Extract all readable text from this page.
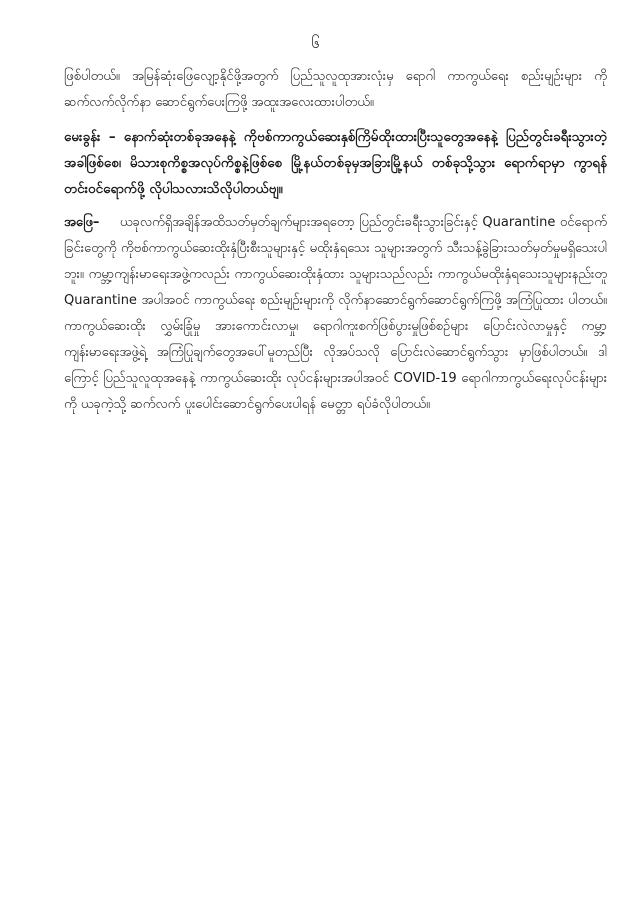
၆

ဖြစ်ပါတယ်။ အမြန်ဆုံးဖြေလျော့နိုင်ဖို့အတွက် ပြည်သူလူထုအားလုံးမှ ရောဂါ ကာကွယ်ရေး စည်းမျဉ်းများ ကို ဆက်လက်လိုက်နာ ဆောင်ရွက်ပေးကြဖို့ အထူးအလေးထားပါတယ်။

မေးခွန်း – နောက်ဆုံးတစ်ခုအနေနဲ့ ကိုဗစ်ကာကွယ်ဆေးနှစ်ကြိမ်ထိုးထားပြီးသူတွေအနေနဲ့ ပြည်တွင်းခရီးသွားတဲ့အခါဖြစ်စေ၊ မိသားစုကိစ္စအလုပ်ကိစ္စနဲ့ဖြစ်စေ မြို့နယ်တစ်ခုမှအခြားမြို့နယ် တစ်ခုသို့သွား ရောက်ရာမှာ ကွာရန်တင်းဝင်ရောက်ဖို့ လိုပါသလားသိလိုပါတယ်ဗျ။

အဖြေ– ယခုလက်ရှိအချိန်အထိသတ်မှတ်ချက်များအရတော့ ပြည်တွင်းခရီးသွားခြင်းနှင့် Quarantine ဝင်ရောက်ခြင်းတွေကို ကိုဗစ်ကာကွယ်ဆေးထိုးနှံပြီးစီးသူများနှင့် မထိုးနှံရသေး သူများအတွက် သီးသန့်ခွဲခြားသတ်မှတ်မှုမရှိသေးပါဘူး။ ကမ္ဘာ့ကျန်းမာရေးအဖွဲ့ကလည်း ကာကွယ်ဆေးထိုးနှံထား သူများသည်လည်း ကာကွယ်မထိုးနှံရသေးသူများနည်းတူ Quarantine အပါအဝင် ကာကွယ်ရေး စည်းမျဉ်းများကို လိုက်နာဆောင်ရွက်ဆောင်ရွက်ကြဖို့ အကြံပြုထား ပါတယ်။ ကာကွယ်ဆေးထိုး လွှမ်းခြုံမှု အားကောင်းလာမှု၊ ရောဂါကူးစက်ဖြစ်ပွားမှုဖြစ်စဉ်များ ပြောင်းလဲလာမှုနှင့် ကမ္ဘာ့ကျန်းမာရေးအဖွဲ့ရဲ့ အကြံပြုချက်တွေအပေါ်မူတည်ပြီး လိုအပ်သလို ပြောင်းလဲဆောင်ရွက်သွား မှာဖြစ်ပါတယ်။ ဒါကြောင့် ပြည်သူလူထုအနေနဲ့ ကာကွယ်ဆေးထိုး လုပ်ငန်းများအပါအဝင် COVID-19 ရောဂါကာကွယ်ရေးလုပ်ငန်းများကို ယခုကဲ့သို့ ဆက်လက် ပူးပေါင်းဆောင်ရွက်ပေးပါရန် မေတ္တာ ရပ်ခံလိုပါတယ်။
